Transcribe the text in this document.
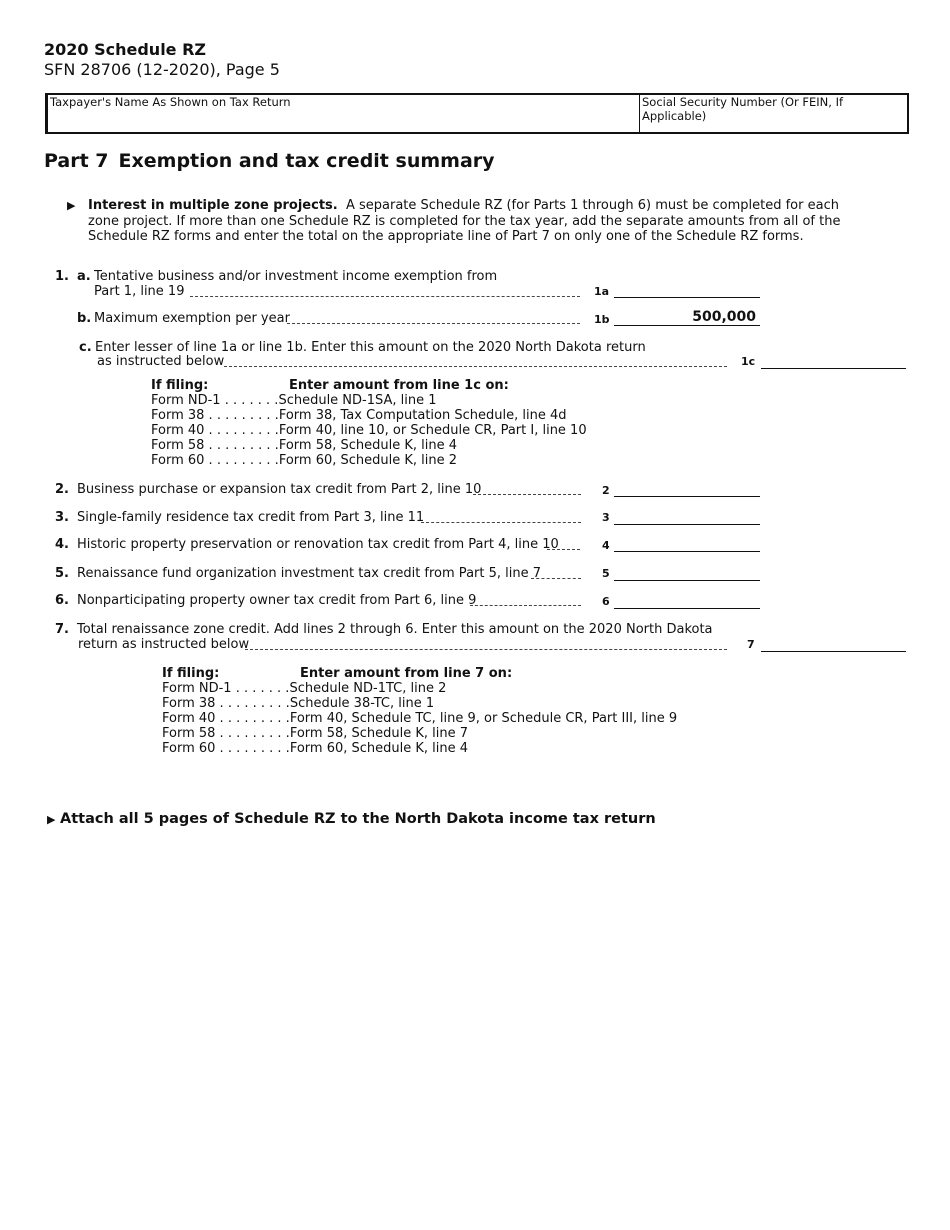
2020 Schedule RZ
SFN 28706 (12-2020), Page 5
Taxpayer's Name As Shown on Tax Return	Social Security Number (Or FEIN, If Applicable)
Part 7 Exemption and tax credit summary
▶ Interest in multiple zone projects. A separate Schedule RZ (for Parts 1 through 6) must be completed for each zone project. If more than one Schedule RZ is completed for the tax year, add the separate amounts from all of the Schedule RZ forms and enter the total on the appropriate line of Part 7 on only one of the Schedule RZ forms.
1. a. Tentative business and/or investment income exemption from
Part 1, line 19	1a
b. Maximum exemption per year	1b	500,000
c. Enter lesser of line 1a or line 1b. Enter this amount on the 2020 North Dakota return
as instructed below	1c
If filing:	Enter amount from line 1c on:
Form ND-1 . . . . . . .Schedule ND-1SA, line 1
Form 38 . . . . . . . . .Form 38, Tax Computation Schedule, line 4d
Form 40 . . . . . . . . .Form 40, line 10, or Schedule CR, Part I, line 10
Form 58 . . . . . . . . .Form 58, Schedule K, line 4
Form 60 . . . . . . . . .Form 60, Schedule K, line 2
2. Business purchase or expansion tax credit from Part 2, line 10	2
3. Single-family residence tax credit from Part 3, line 11	3
4. Historic property preservation or renovation tax credit from Part 4, line 10	4
5. Renaissance fund organization investment tax credit from Part 5, line 7	5
6. Nonparticipating property owner tax credit from Part 6, line 9	6
7. Total renaissance zone credit. Add lines 2 through 6. Enter this amount on the 2020 North Dakota
return as instructed below	7
If filing:	Enter amount from line 7 on:
Form ND-1 . . . . . . .Schedule ND-1TC, line 2
Form 38 . . . . . . . . .Schedule 38-TC, line 1
Form 40 . . . . . . . . .Form 40, Schedule TC, line 9, or Schedule CR, Part III, line 9
Form 58 . . . . . . . . .Form 58, Schedule K, line 7
Form 60 . . . . . . . . .Form 60, Schedule K, line 4
▶ Attach all 5 pages of Schedule RZ to the North Dakota income tax return
